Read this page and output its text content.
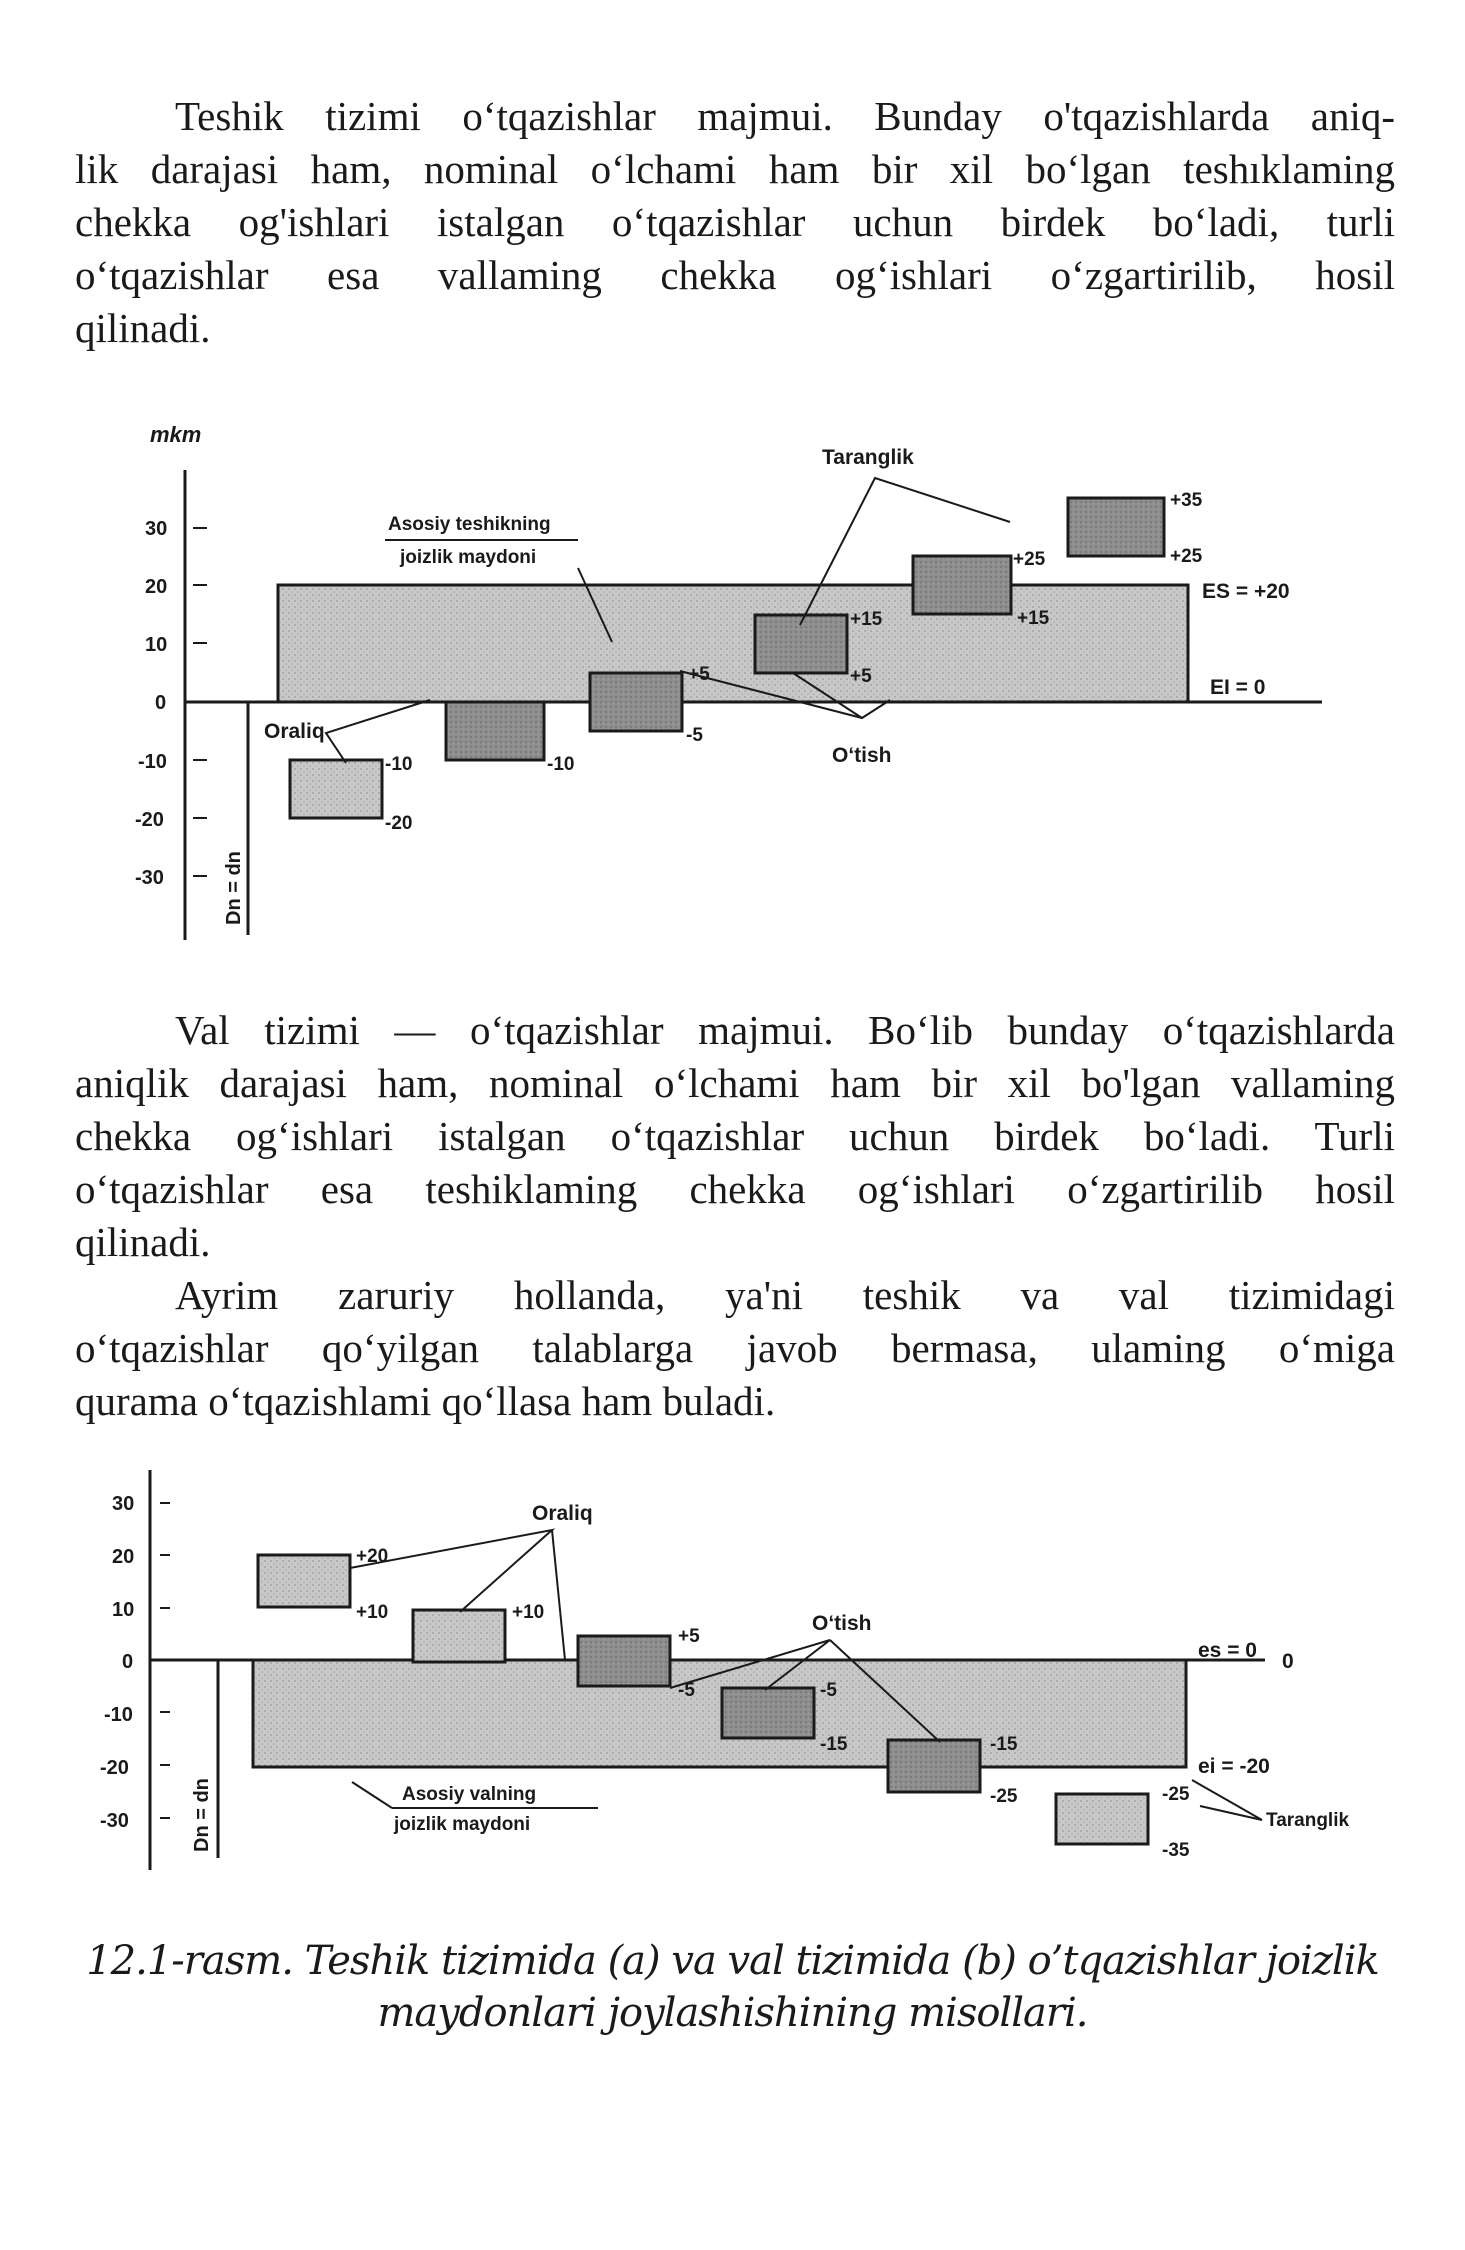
Teshik tizimi o‘tqazishlar majmui. Bunday o'tqazishlarda aniq-
lik darajasi ham, nominal o‘lchami ham bir xil bo‘lgan teshıklaming
chekka og'ishlari istalgan o‘tqazishlar uchun birdek bo‘ladi, turli
o‘tqazishlar esa vallaming chekka og‘ishlari o‘zgartirilib, hosil
qilinadi.
mkm
30
20
10
0
-10
-20
-30	Dn = dn
-10
-20
-10
+5
-5
+15
+5
+25
+15
+35
+25
Asosiy teshikning
joizlik maydoni
Taranglik
Oraliq
O‘tish
ES = +20
EI = 0
Val tizimi — o‘tqazishlar majmui. Bo‘lib bunday o‘tqazishlarda
aniqlik darajasi ham, nominal o‘lchami ham bir xil bo'lgan vallaming
chekka og‘ishlari istalgan o‘tqazishlar uchun birdek bo‘ladi. Turli
o‘tqazishlar esa teshiklaming chekka og‘ishlari o‘zgartirilib hosil
qilinadi.
Ayrim zaruriy hollanda, ya'ni teshik va val tizimidagi
o‘tqazishlar qo‘yilgan talablarga javob bermasa, ulaming o‘miga
qurama o‘tqazishlami qo‘llasa ham buladi.
30
20
10
0
-10
-20
-30	Dn = dn
+20
+10	+10
+5
-5	-5
-15	-15
-25	-25
-35
Oraliq
O‘tish
es = 0 0
ei = -20
Taranglik
Asosiy valning
joizlik maydoni
12.1-rasm. Teshik tizimida (a) va val tizimida (b) o’tqazishlar joizlik
maydonlari joylashishining misollari.
